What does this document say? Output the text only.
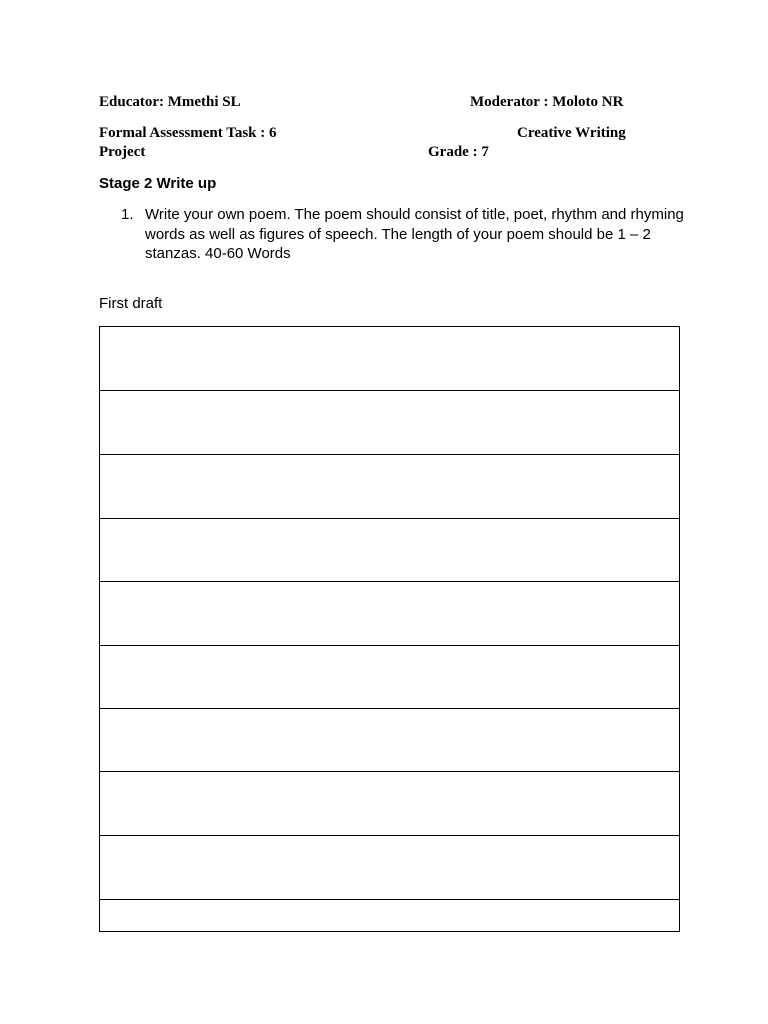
Educator: Mmethi SL	Moderator : Moloto NR
Formal Assessment Task : 6	Creative Writing
Project	Grade : 7
Stage 2 Write up
1. Write your own poem. The poem should consist of title, poet, rhythm and rhyming words as well as figures of speech. The length of your poem should be 1 – 2 stanzas. 40-60 Words
First draft
